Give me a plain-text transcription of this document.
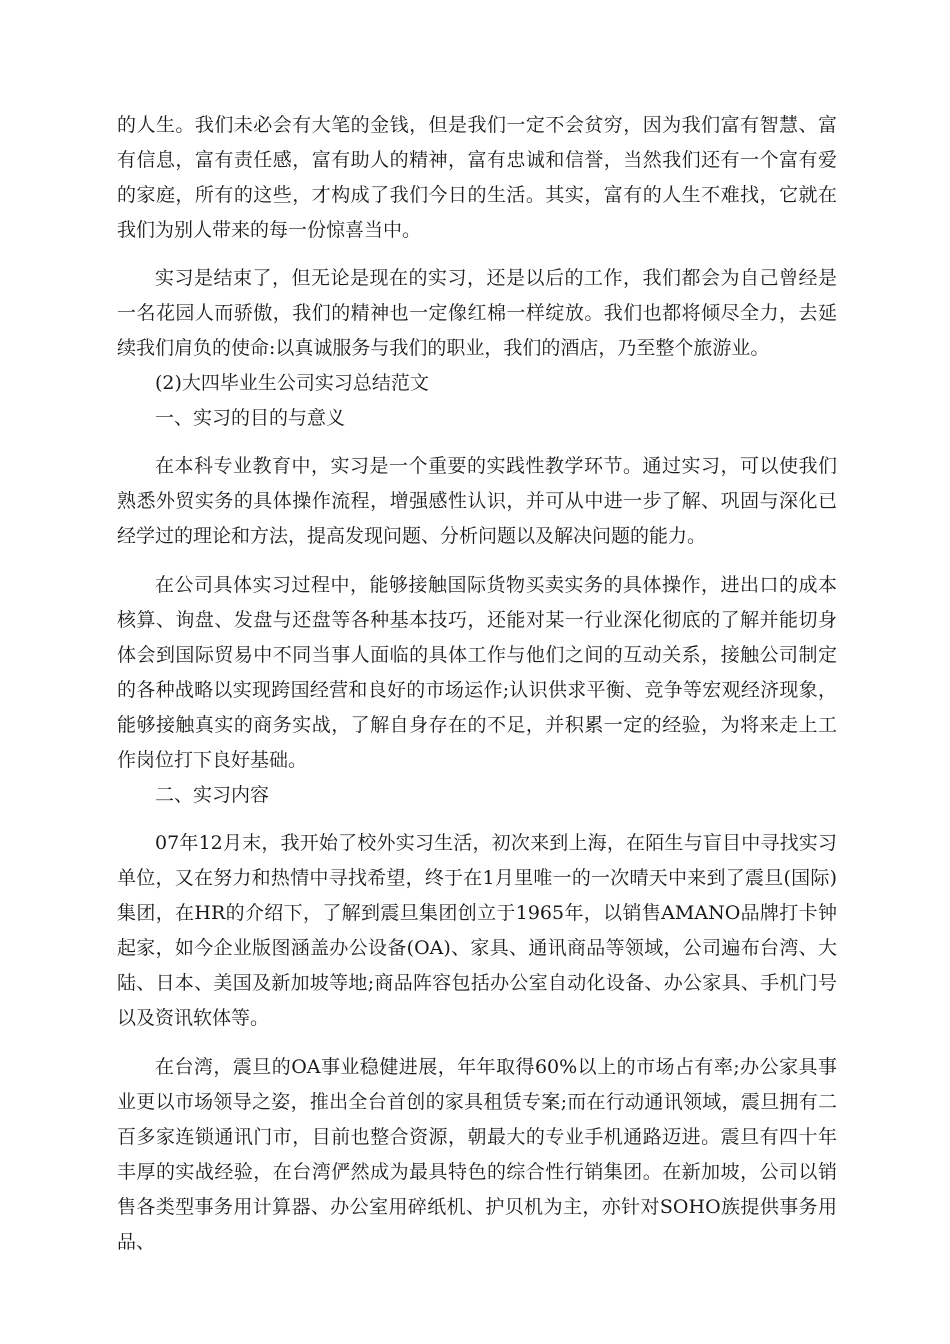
的人生。我们未必会有大笔的金钱，但是我们一定不会贫穷，因为我们富有智慧、富有信息，富有责任感，富有助人的精神，富有忠诚和信誉，当然我们还有一个富有爱的家庭，所有的这些，才构成了我们今日的生活。其实，富有的人生不难找，它就在我们为别人带来的每一份惊喜当中。

实习是结束了，但无论是现在的实习，还是以后的工作，我们都会为自己曾经是一名花园人而骄傲，我们的精神也一定像红棉一样绽放。我们也都将倾尽全力，去延续我们肩负的使命:以真诚服务与我们的职业，我们的酒店，乃至整个旅游业。

(2)大四毕业生公司实习总结范文

一、实习的目的与意义

在本科专业教育中，实习是一个重要的实践性教学环节。通过实习，可以使我们熟悉外贸实务的具体操作流程，增强感性认识，并可从中进一步了解、巩固与深化已经学过的理论和方法，提高发现问题、分析问题以及解决问题的能力。

在公司具体实习过程中，能够接触国际货物买卖实务的具体操作，进出口的成本核算、询盘、发盘与还盘等各种基本技巧，还能对某一行业深化彻底的了解并能切身体会到国际贸易中不同当事人面临的具体工作与他们之间的互动关系，接触公司制定的各种战略以实现跨国经营和良好的市场运作;认识供求平衡、竞争等宏观经济现象，能够接触真实的商务实战，了解自身存在的不足，并积累一定的经验，为将来走上工作岗位打下良好基础。

二、实习内容

07年12月末，我开始了校外实习生活，初次来到上海，在陌生与盲目中寻找实习单位，又在努力和热情中寻找希望，终于在1月里唯一的一次晴天中来到了震旦(国际)集团，在HR的介绍下，了解到震旦集团创立于1965年，以销售AMANO品牌打卡钟起家，如今企业版图涵盖办公设备(OA)、家具、通讯商品等领域，公司遍布台湾、大陆、日本、美国及新加坡等地;商品阵容包括办公室自动化设备、办公家具、手机门号以及资讯软体等。

在台湾，震旦的OA事业稳健进展，年年取得60%以上的市场占有率;办公家具事业更以市场领导之姿，推出全台首创的家具租赁专案;而在行动通讯领域，震旦拥有二百多家连锁通讯门市，目前也整合资源，朝最大的专业手机通路迈进。震旦有四十年丰厚的实战经验，在台湾俨然成为最具特色的综合性行销集团。在新加坡，公司以销售各类型事务用计算器、办公室用碎纸机、护贝机为主，亦针对SOHO族提供事务用品、
